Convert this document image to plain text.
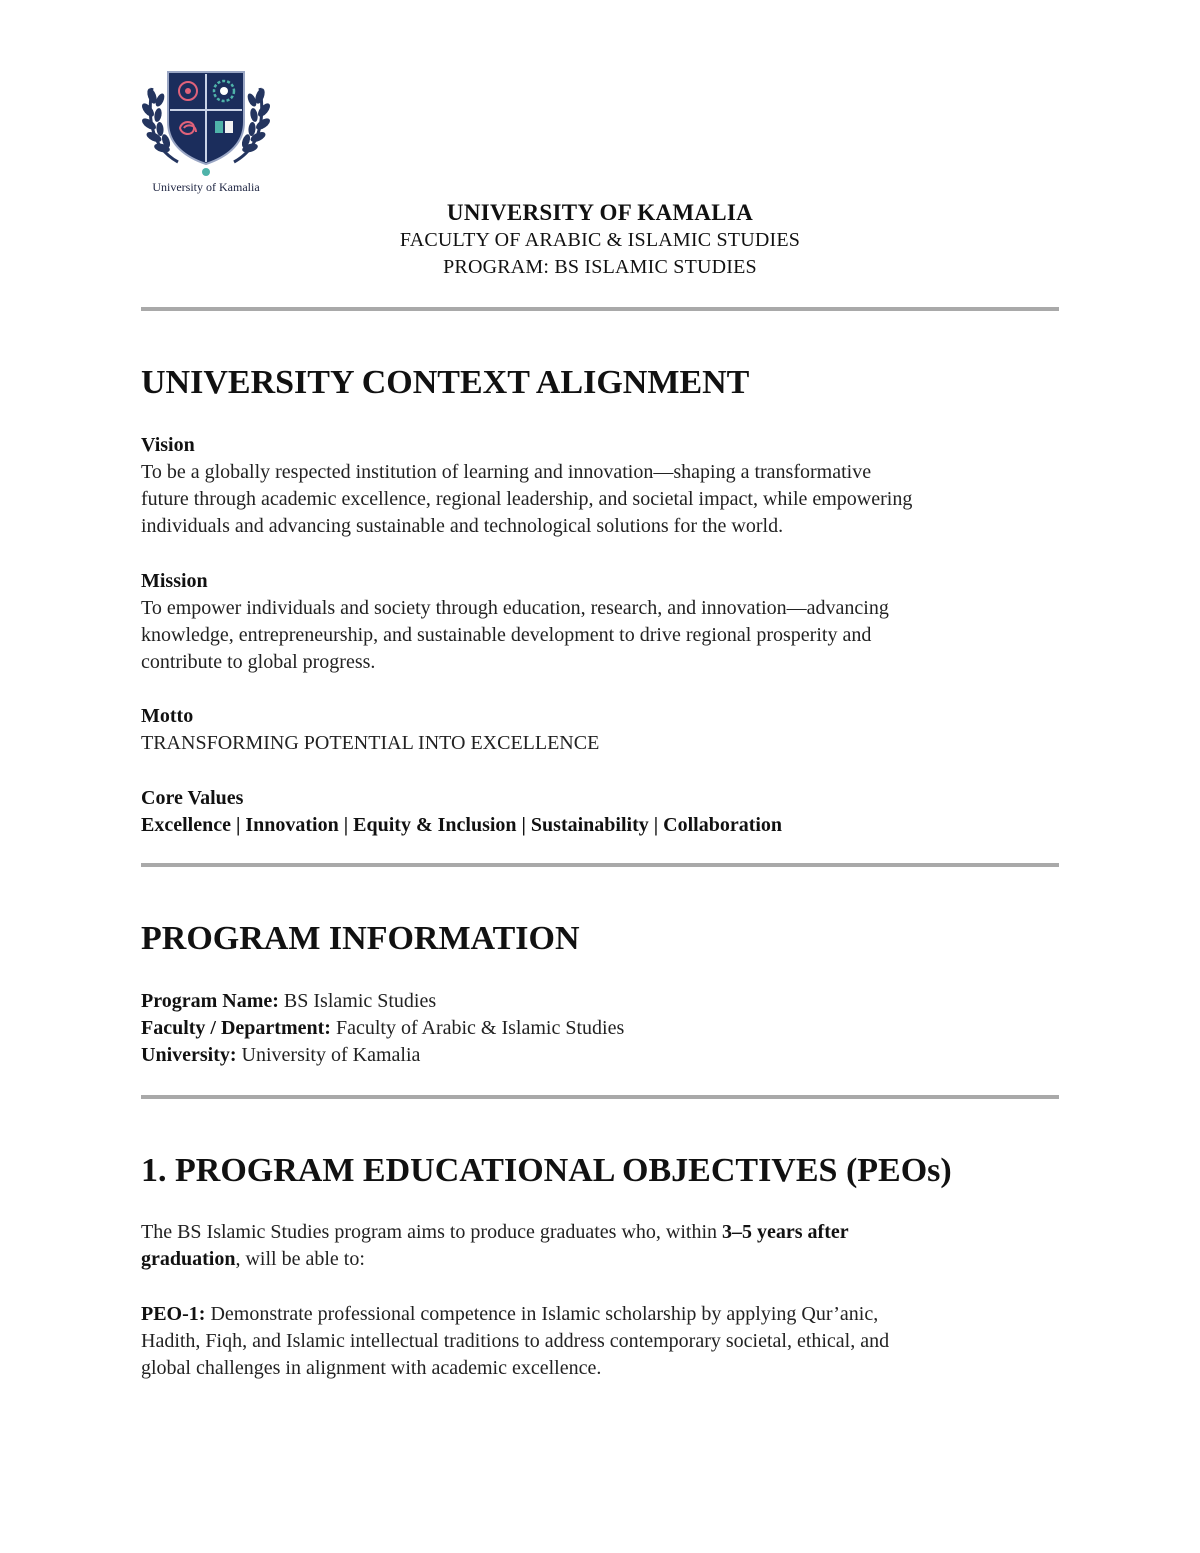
University of Kamalia
UNIVERSITY OF KAMALIA
FACULTY OF ARABIC & ISLAMIC STUDIES
PROGRAM: BS ISLAMIC STUDIES
UNIVERSITY CONTEXT ALIGNMENT
Vision
To be a globally respected institution of learning and innovation—shaping a transformative
future through academic excellence, regional leadership, and societal impact, while empowering
individuals and advancing sustainable and technological solutions for the world.
Mission
To empower individuals and society through education, research, and innovation—advancing
knowledge, entrepreneurship, and sustainable development to drive regional prosperity and
contribute to global progress.
Motto
TRANSFORMING POTENTIAL INTO EXCELLENCE
Core Values
Excellence | Innovation | Equity & Inclusion | Sustainability | Collaboration
PROGRAM INFORMATION
Program Name: BS Islamic Studies
Faculty / Department: Faculty of Arabic & Islamic Studies
University: University of Kamalia
1. PROGRAM EDUCATIONAL OBJECTIVES (PEOs)
The BS Islamic Studies program aims to produce graduates who, within 3–5 years after
graduation, will be able to:
PEO-1: Demonstrate professional competence in Islamic scholarship by applying Qur’anic,
Hadith, Fiqh, and Islamic intellectual traditions to address contemporary societal, ethical, and
global challenges in alignment with academic excellence.
